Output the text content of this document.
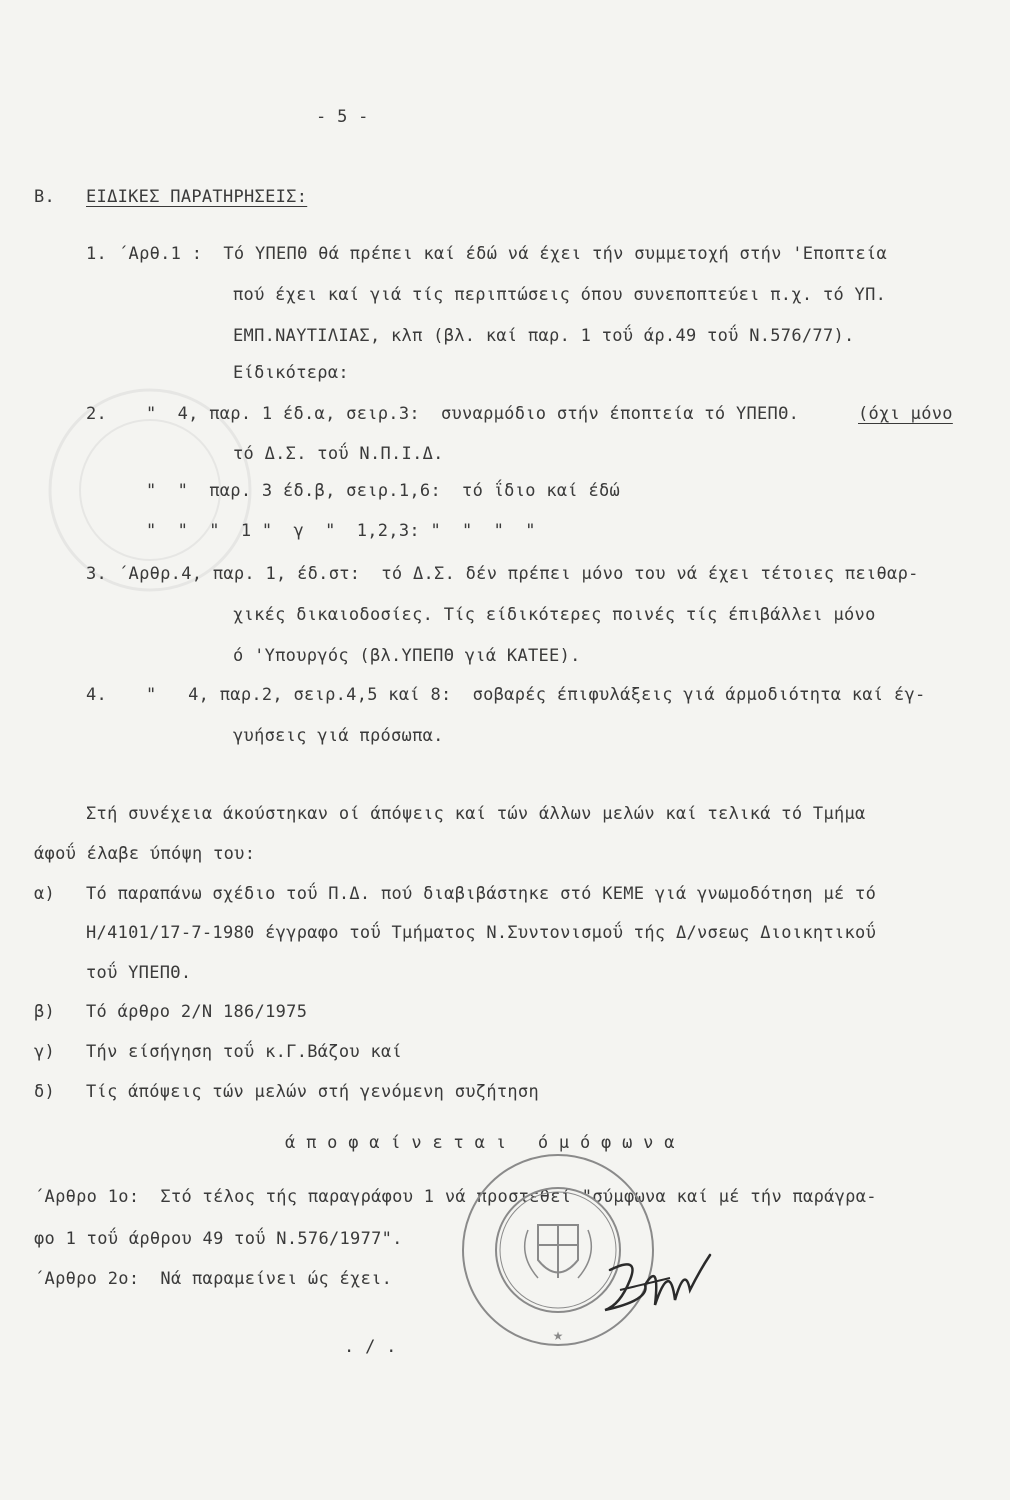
- 5 -
B. ΕΙΔΙΚΕΣ ΠΑΡΑΤΗΡΗΣΕΙΣ:
1. ΄Αρθ.1 :  Τό ΥΠΕΠΘ θά πρέπει καί έδώ νά έχει τήν συμμετοχή στήν 'Εποπτεία
πού έχει καί γιά τίς περιπτώσεις όπου συνεποπτεύει π.χ. τό ΥΠ.
ΕΜΠ.ΝΑΥΤΙΛΙΑΣ, κλπ (βλ. καί παρ. 1 τοΰ άρ.49 τοΰ Ν.576/77).
Είδικότερα:
2. "  4, παρ. 1 έδ.α, σειρ.3:  συναρμόδιο στήν έποπτεία τό ΥΠΕΠΘ.	(όχι μόνο
τό Δ.Σ. τοΰ Ν.Π.Ι.Δ.
"  "  παρ. 3 έδ.β, σειρ.1,6:  τό ΐδιο καί έδώ
"  "  "  1 "  γ  "  1,2,3: "  "  "  "
3. ΄Αρθρ.4, παρ. 1, έδ.στ:  τό Δ.Σ. δέν πρέπει μόνο του νά έχει τέτοιες πειθαρ-
χικές δικαιοδοσίες. Τίς είδικότερες ποινές τίς έπιβάλλει μόνο
ό 'Υπουργός (βλ.ΥΠΕΠΘ γιά ΚΑΤΕΕ).
4. "   4, παρ.2, σειρ.4,5 καί 8:  σοβαρές έπιφυλάξεις γιά άρμοδιότητα καί έγ-
γυήσεις γιά πρόσωπα.
Στή συνέχεια άκούστηκαν οί άπόψεις καί τών άλλων μελών καί τελικά τό Τμήμα
άφοΰ έλαβε ύπόψη του:
α) Τό παραπάνω σχέδιο τοΰ Π.Δ. πού διαβιβάστηκε στό ΚΕΜΕ γιά γνωμοδότηση μέ τό
Η/4101/17-7-1980 έγγραφο τοΰ Τμήματος Ν.Συντονισμοΰ τής Δ/νσεως Διοικητικοΰ
τοΰ ΥΠΕΠΘ.
β) Τό άρθρο 2/Ν 186/1975
γ) Τήν είσήγηση τοΰ κ.Γ.Βάζου καί
δ) Τίς άπόψεις τών μελών στή γενόμενη συζήτηση
ά π ο φ α ί ν ε τ α ι   ό μ ό φ ω ν α
΄Αρθρο 1ο:  Στό τέλος τής παραγράφου 1 νά προστεθεί "σύμφωνα καί μέ τήν παράγρα-
φο 1 τοΰ άρθρου 49 τοΰ Ν.576/1977".
΄Αρθρο 2ο:  Νά παραμείνει ώς έχει.
. / .
★
